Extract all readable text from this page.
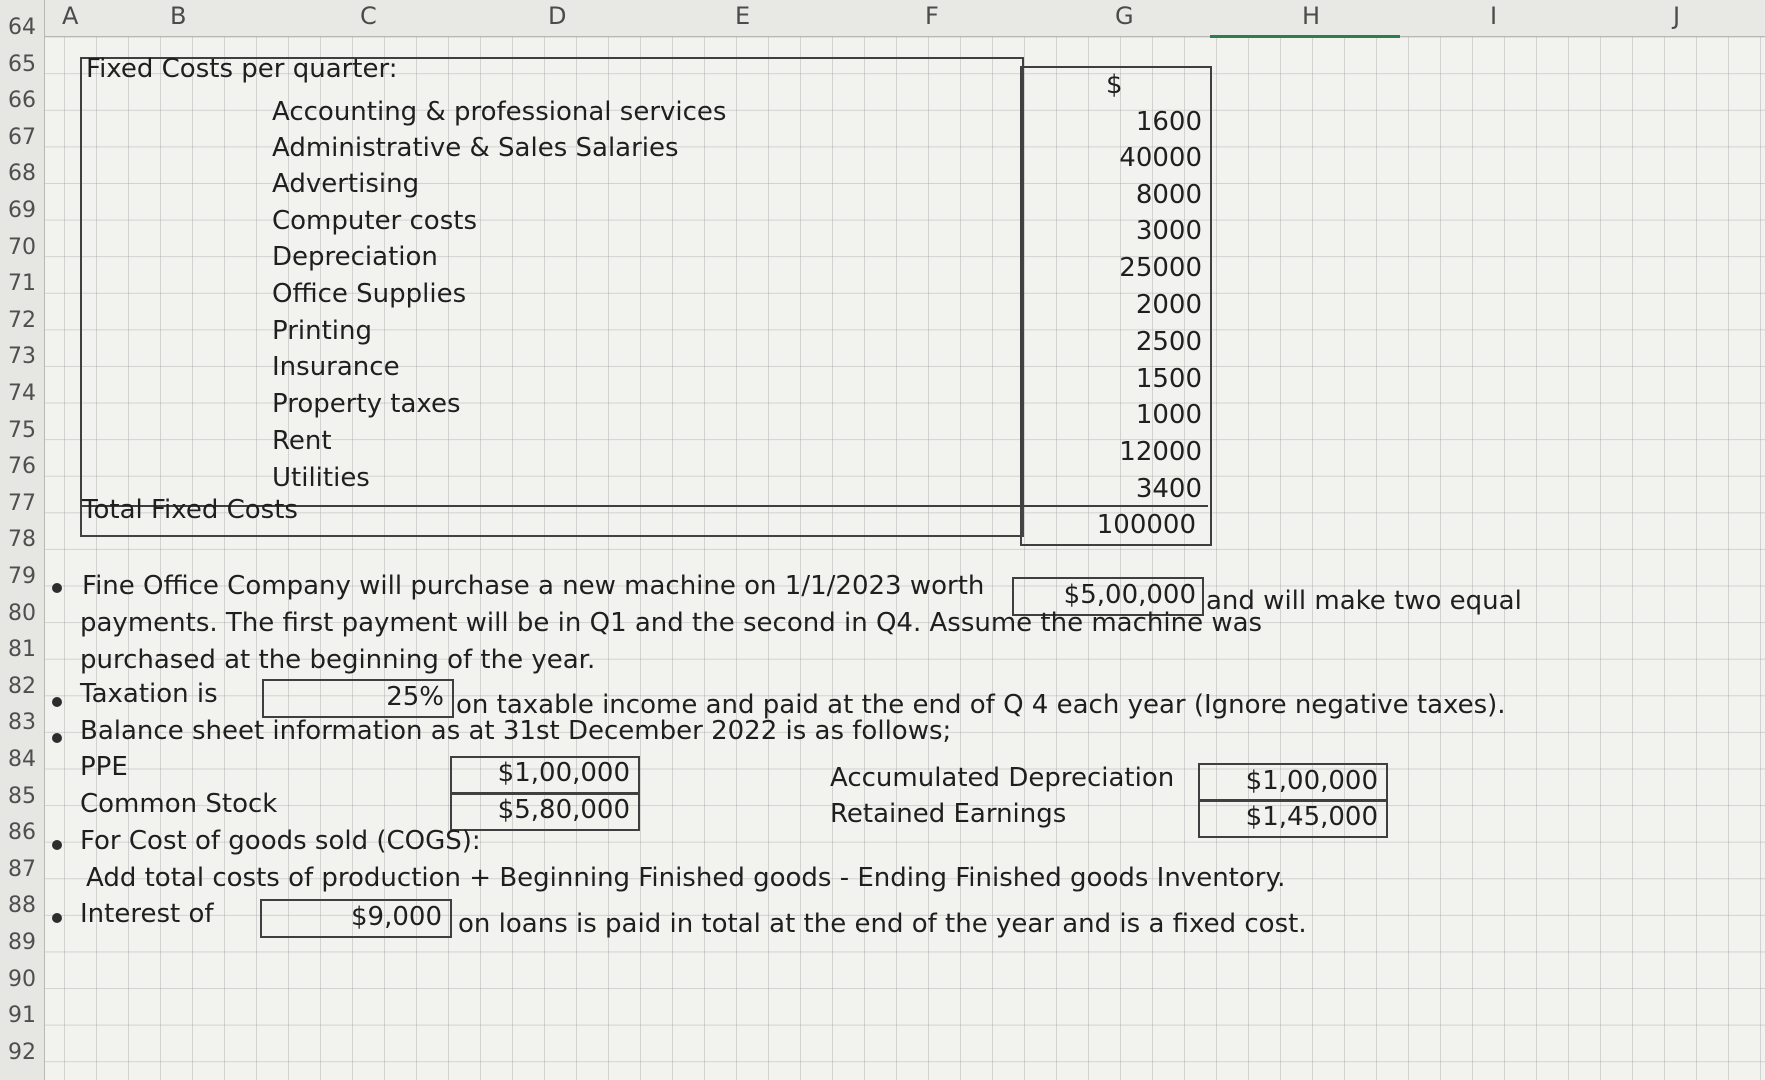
A	B	C	D	E	F	G	H	I	J
64
65
66
67
68
69
70
71
72
73
74
75
76
77
78
79
80
81
82
83
84
85
86
87
88
89
90
91
92
Fixed Costs per quarter:
$
Accounting & professional services	1600
Administrative & Sales Salaries	40000
Advertising	8000
Computer costs	3000
Depreciation	25000
Office Supplies	2000
Printing	2500
Insurance	1500
Property taxes	1000
Rent	12000
Utilities	3400
Total Fixed Costs	100000
Fine Office Company will purchase a new machine on 1/1/2023 worth	$5,00,000 and will make two equal
payments. The first payment will be in Q1 and the second in Q4. Assume the machine was
purchased at the beginning of the year.
Taxation is	25% on taxable income and paid at the end of Q 4 each year (Ignore negative taxes).
Balance sheet information as at 31st December 2022 is as follows;
PPE	$1,00,000	Accumulated Depreciation	$1,00,000
Common Stock	$5,80,000	Retained Earnings	$1,45,000
For Cost of goods sold (COGS):
Add total costs of production + Beginning Finished goods - Ending Finished goods Inventory.
Interest of	$9,000 on loans is paid in total at the end of the year and is a fixed cost.
